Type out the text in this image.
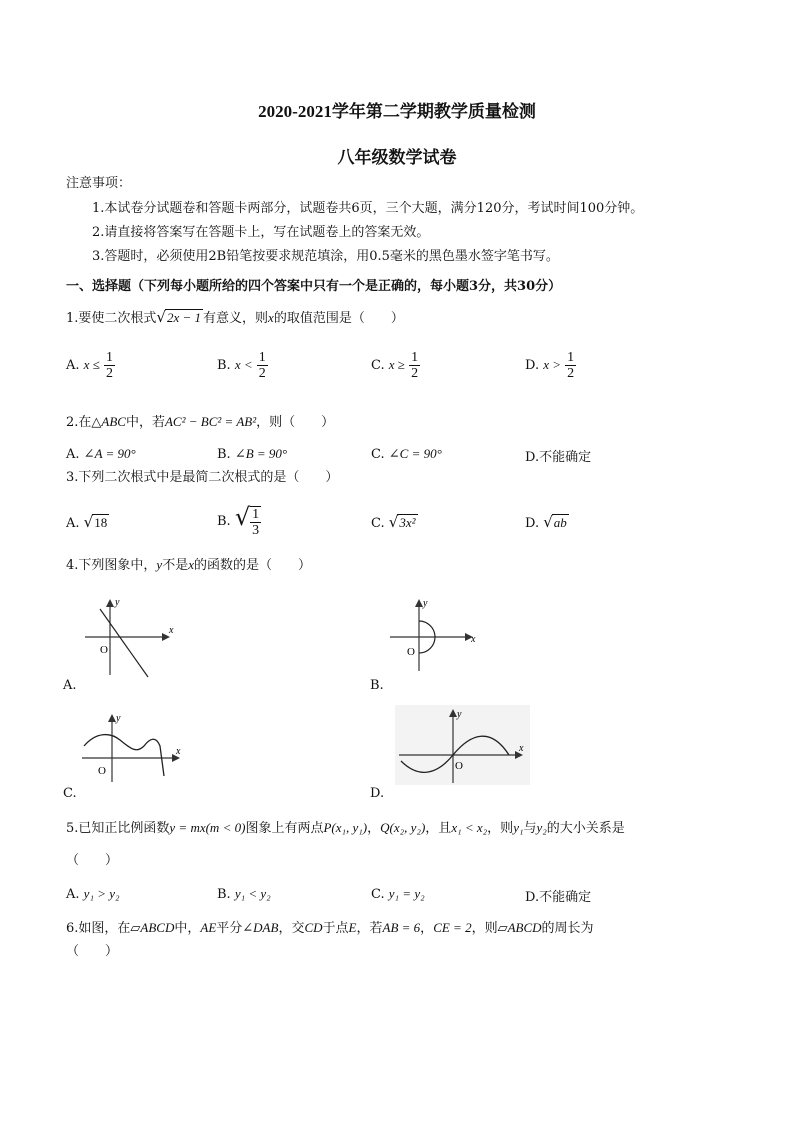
2020-2021学年第二学期教学质量检测
八年级数学试卷
注意事项：
1.本试卷分试题卷和答题卡两部分，试题卷共6页，三个大题，满分120分，考试时间100分钟。
2.请直接将答案写在答题卡上，写在试题卷上的答案无效。
3.答题时，必须使用2B铅笔按要求规范填涂，用0.5毫米的黑色墨水签字笔书写。
一、选择题（下列每小题所给的四个答案中只有一个是正确的，每小题3分，共30分）
1.要使二次根式√2x − 1 有意义，则x的取值范围是（　　）
A. $x \le \frac{1}{2}$	B. $x < \frac{1}{2}$	C. $x \ge \frac{1}{2}$	D. $x > \frac{1}{2}$
2.在△ABC中，若AC² − BC² = AB²，则（　　）
A. ∠A = 90°	B. ∠B = 90°	C. ∠C = 90°	D.不能确定
3.下列二次根式中是最简二次根式的是（　　）
A. √18	B. √ $\frac{1}{3}$	C. √3x²	D. √ab
4.下列图象中，y不是x的函数的是（　　）
x
y
O
A.
x
y
O
B.
x
y
O
C.
x
y
O
D.
5.已知正比例函数y = mx(m < 0)图象上有两点P(x₁, y₁)，Q(x₂, y₂)，且x₁ < x₂，则y₁与y₂的大小关系是
（　　）
A. y₁ > y₂	B. y₁ < y₂	C. y₁ = y₂	D.不能确定
6.如图，在▱ABCD中，AE平分∠DAB，交CD于点E，若AB = 6，CE = 2，则▱ABCD的周长为
（　　）
